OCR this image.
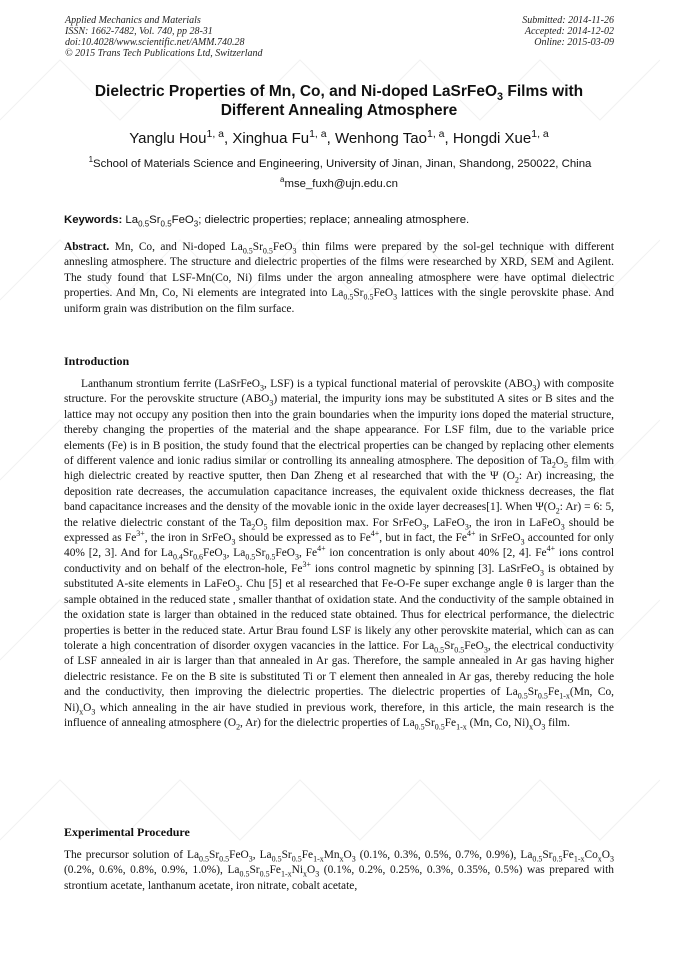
Applied Mechanics and Materials
ISSN: 1662-7482, Vol. 740, pp 28-31
doi:10.4028/www.scientific.net/AMM.740.28
© 2015 Trans Tech Publications Ltd, Switzerland
Submitted: 2014-11-26
Accepted: 2014-12-02
Online: 2015-03-09
Dielectric Properties of Mn, Co, and Ni-doped LaSrFeO$_3$ Films with
Different Annealing Atmosphere
Yanglu Hou$^{1, a}$, Xinghua Fu$^{1, a}$, Wenhong Tao$^{1, a}$, Hongdi Xue$^{1, a}$
$^1$School of Materials Science and Engineering, University of Jinan, Jinan, Shandong, 250022, China
$^a$mse_fuxh@ujn.edu.cn
Keywords: $La_{0.5}Sr_{0.5}FeO_3$; dielectric properties; replace; annealing atmosphere.

Abstract. Mn, Co, and Ni-doped $La_{0.5}Sr_{0.5}FeO_3$ thin films were prepared by the sol-gel technique with different annesling atmosphere. The structure and dielectric properties of the films were researched by XRD, SEM and Agilent. The study found that LSF-Mn(Co, Ni) films under the argon annealing atmosphere were have optimal dielectric properties. And Mn, Co, Ni elements are integrated into $La_{0.5}Sr_{0.5}FeO_3$ lattices with the single perovskite phase. And uniform grain was distribution on the film surface.

Introduction

Lanthanum strontium ferrite (LaSrFeO$_3$, LSF) is a typical functional material of perovskite $(ABO_3)$ with composite structure. For the perovskite structure $(ABO_3)$ material, the impurity ions may be substituted A sites or B sites and the lattice may not occupy any position then into the grain boundaries when the impurity ions doped the material structure, thereby changing the properties of the material and the shape appearance. For LSF film, due to the variable price elements (Fe) is in B position, the study found that the electrical properties can be changed by replacing other elements of different valence and ionic radius similar or controlling its annealing atmosphere. The deposition of $Ta_2O_5$ film with high dielectric created by reactive sputter, then Dan Zheng et al researched that with the Ψ ($O_2$: Ar) increasing, the deposition rate decreases, the accumulation capacitance increases, the equivalent oxide thickness decreases, the flat band capacitance increases and the density of the movable ionic in the oxide layer decreases[1]. When $\Psi(O_2$: Ar) = 6: 5, the relative dielectric constant of the $Ta_2O_5$ film deposition max. For SrFeO$_3$, LaFeO$_3$, the iron in LaFeO$_3$ should be expressed as $Fe^{3+}$, the iron in SrFeO$_3$ should be expressed as to $Fe^{4+}$, but in fact, the $Fe^{4+}$ in SrFeO$_3$ accounted for only 40% [2, 3]. And for $La_{0.4}Sr_{0.6}FeO_3$, $La_{0.5}Sr_{0.5}FeO_3$, $Fe^{4+}$ ion concentration is only about 40% [2, 4]. $Fe^{4+}$ ions control conductivity and on behalf of the electron-hole, $Fe^{3+}$ ions control magnetic by spinning [3]. LaSrFeO$_3$ is obtained by substituted A-site elements in LaFeO$_3$. Chu [5] et al researched that Fe-O-Fe super exchange angle θ is larger than the sample obtained in the reduced state , smaller thanthat of oxidation state. And the conductivity of the sample obtained in the oxidation state is larger than obtained in the reduced state obtained. Thus for electrical performance, the dielectric properties is better in the reduced state. Artur Brau found LSF is likely any other perovskite material, which can as can tolerate a high concentration of disorder oxygen vacancies in the lattice. For $La_{0.5}Sr_{0.5}FeO_3$, the electrical conductivity of LSF annealed in air is larger than that annealed in Ar gas. Therefore, the sample annealed in Ar gas having higher dielectric resistance. Fe on the B site is substituted Ti or T element then annealed in Ar gas, thereby reducing the hole and the conductivity, then improving the dielectric properties. The dielectric properties of $La_{0.5}Sr_{0.5}Fe_{1-x}(Mn$, Co, $Ni)_xO_3$ which annealing in the air have studied in previous work, therefore, in this article, the main research is the influence of annealing atmosphere ($O_2$, Ar) for the dielectric properties of $La_{0.5}Sr_{0.5}Fe_{1-x}$ (Mn, Co, $Ni)_xO_3$ film.

Experimental Procedure

The precursor solution of $La_{0.5}Sr_{0.5}FeO_3$, $La_{0.5}Sr_{0.5}Fe_{1-x}Mn_xO_3$ (0.1%, 0.3%, 0.5%, 0.7%, 0.9%), $La_{0.5}Sr_{0.5}Fe_{1-x}Co_xO_3$ (0.2%, 0.6%, 0.8%, 0.9%, 1.0%), $La_{0.5}Sr_{0.5}Fe_{1-x}Ni_xO_3$ (0.1%, 0.2%, 0.25%, 0.3%, 0.35%, 0.5%) was prepared with strontium acetate, lanthanum acetate, iron nitrate, cobalt acetate,
